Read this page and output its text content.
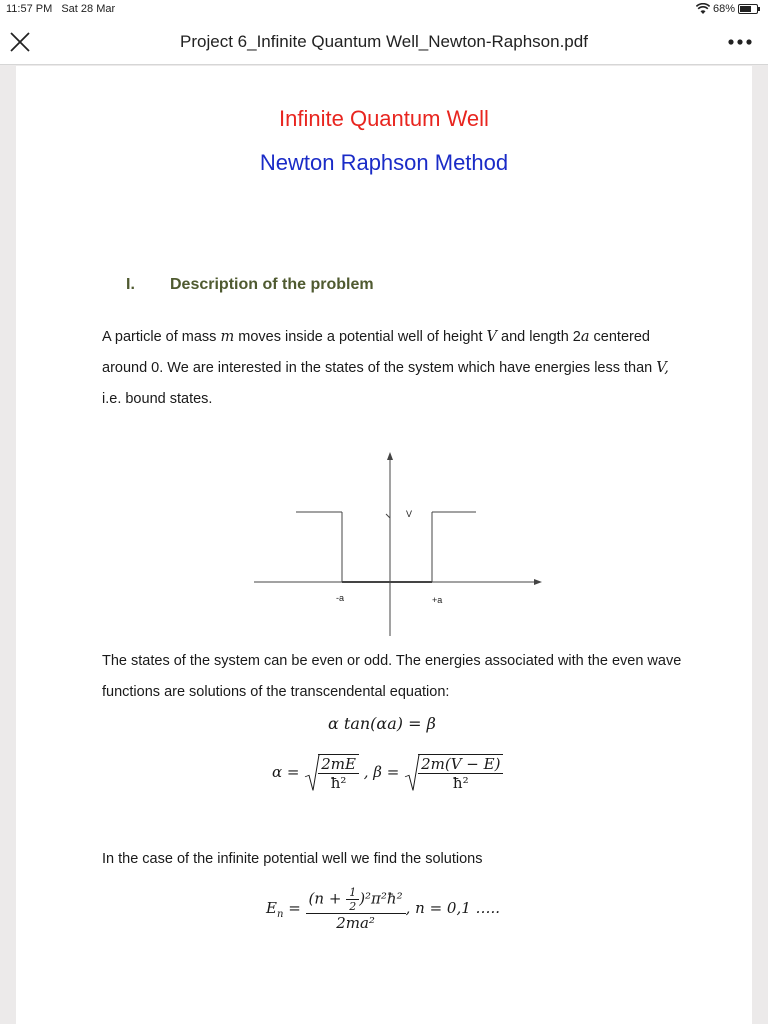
11:57 PM Sat 28 Mar	68%
Project 6_Infinite Quantum Well_Newton-Raphson.pdf
Infinite Quantum Well
Newton Raphson Method
I. Description of the problem
A particle of mass m moves inside a potential well of height V and length 2a centered around 0. We are interested in the states of the system which have energies less than V, i.e. bound states.
V
-a	+a
The states of the system can be even or odd. The energies associated with the even wave functions are solutions of the transcendental equation:
α tan(αa) = β
$\alpha = \frac{2mE}{\text{ħ²}}$ , $\beta = \frac{2m(V - E)}{\text{ħ²}}$
In the case of the infinite potential well we find the solutions
$E_n = \frac{(n + \frac{1}{2} )^2\pi^2ħ^2}{\text{2ma²}}$ , n = 0,1 …..
